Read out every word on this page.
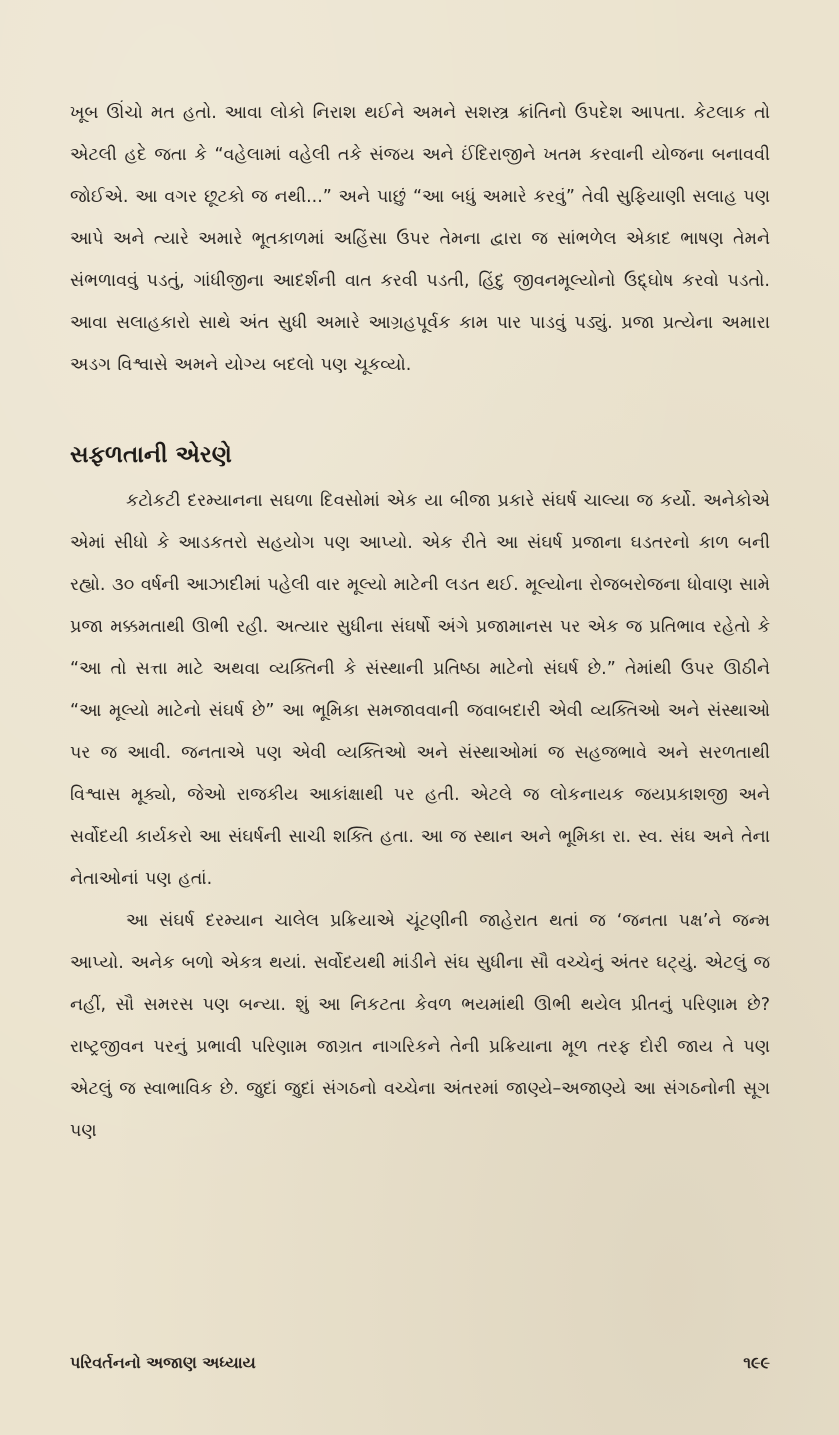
ખૂબ ઊંચો મત હતો. આવા લોકો નિરાશ થઈને અમને સશસ્ત્ર ક્રાંતિનો ઉપદેશ આપતા. કેટલાક તો એટલી હદે જતા કે “વહેલામાં વહેલી તકે સંજય અને ઈંદિરાજીને ખતમ કરવાની યોજના બનાવવી જોઈએ. આ વગર છૂટકો જ નથી...” અને પાછું “આ બધું અમારે કરવું” તેવી સુફિયાણી સલાહ પણ આપે અને ત્યારે અમારે ભૂતકાળમાં અહિંસા ઉપર તેમના દ્વારા જ સાંભળેલ એકાદ ભાષણ તેમને સંભળાવવું પડતું, ગાંધીજીના આદર્શની વાત કરવી પડતી, હિંદુ જીવનમૂલ્યોનો ઉદ્દ્ઘોષ કરવો પડતો. આવા સલાહકારો સાથે અંત સુધી અમારે આગ્રહપૂર્વક કામ પાર પાડવું પડ્યું. પ્રજા પ્રત્યેના અમારા અડગ વિશ્વાસે અમને યોગ્ય બદલો પણ ચૂકવ્યો.

સફળતાની એરણે

કટોકટી દરમ્યાનના સઘળા દિવસોમાં એક યા બીજા પ્રકારે સંઘર્ષ ચાલ્યા જ કર્યો. અનેકોએ એમાં સીધો કે આડકતરો સહયોગ પણ આપ્યો. એક રીતે આ સંઘર્ષ પ્રજાના ઘડતરનો કાળ બની રહ્યો. ૩૦ વર્ષની આઝાદીમાં પહેલી વાર મૂલ્યો માટેની લડત થઈ. મૂલ્યોના રોજબરોજના ધોવાણ સામે પ્રજા મક્કમતાથી ઊભી રહી. અત્યાર સુધીના સંઘર્ષો અંગે પ્રજામાનસ પર એક જ પ્રતિભાવ રહેતો કે “આ તો સત્તા માટે અથવા વ્યક્તિની કે સંસ્થાની પ્રતિષ્ઠા માટેનો સંઘર્ષ છે.” તેમાંથી ઉપર ઊઠીને “આ મૂલ્યો માટેનો સંઘર્ષ છે” આ ભૂમિકા સમજાવવાની જવાબદારી એવી વ્યક્તિઓ અને સંસ્થાઓ પર જ આવી. જનતાએ પણ એવી વ્યક્તિઓ અને સંસ્થાઓમાં જ સહજભાવે અને સરળતાથી વિશ્વાસ મૂક્યો, જેઓ રાજકીય આકાંક્ષાથી પર હતી. એટલે જ લોકનાયક જયપ્રકાશજી અને સર્વોદયી કાર્યકરો આ સંઘર્ષની સાચી શક્તિ હતા. આ જ સ્થાન અને ભૂમિકા રા. સ્વ. સંઘ અને તેના નેતાઓનાં પણ હતાં.

આ સંઘર્ષ દરમ્યાન ચાલેલ પ્રક્રિયાએ ચૂંટણીની જાહેરાત થતાં જ ‘જનતા પક્ષ’ને જન્મ આપ્યો. અનેક બળો એકત્ર થયાં. સર્વોદયથી માંડીને સંઘ સુધીના સૌ વચ્ચેનું અંતર ઘટ્યું. એટલું જ નહીં, સૌ સમરસ પણ બન્યા. શું આ નિકટતા કેવળ ભયમાંથી ઊભી થયેલ પ્રીતનું પરિણામ છે? રાષ્ટ્રજીવન પરનું પ્રભાવી પરિણામ જાગ્રત નાગરિકને તેની પ્રક્રિયાના મૂળ તરફ દોરી જાય તે પણ એટલું જ સ્વાભાવિક છે. જુદાં જુદાં સંગઠનો વચ્ચેના અંતરમાં જાણ્યે–અજાણ્યે આ સંગઠનોની સૂગ પણ

પરિવર્તનનો અજાણ અધ્યાય	૧૯૯
